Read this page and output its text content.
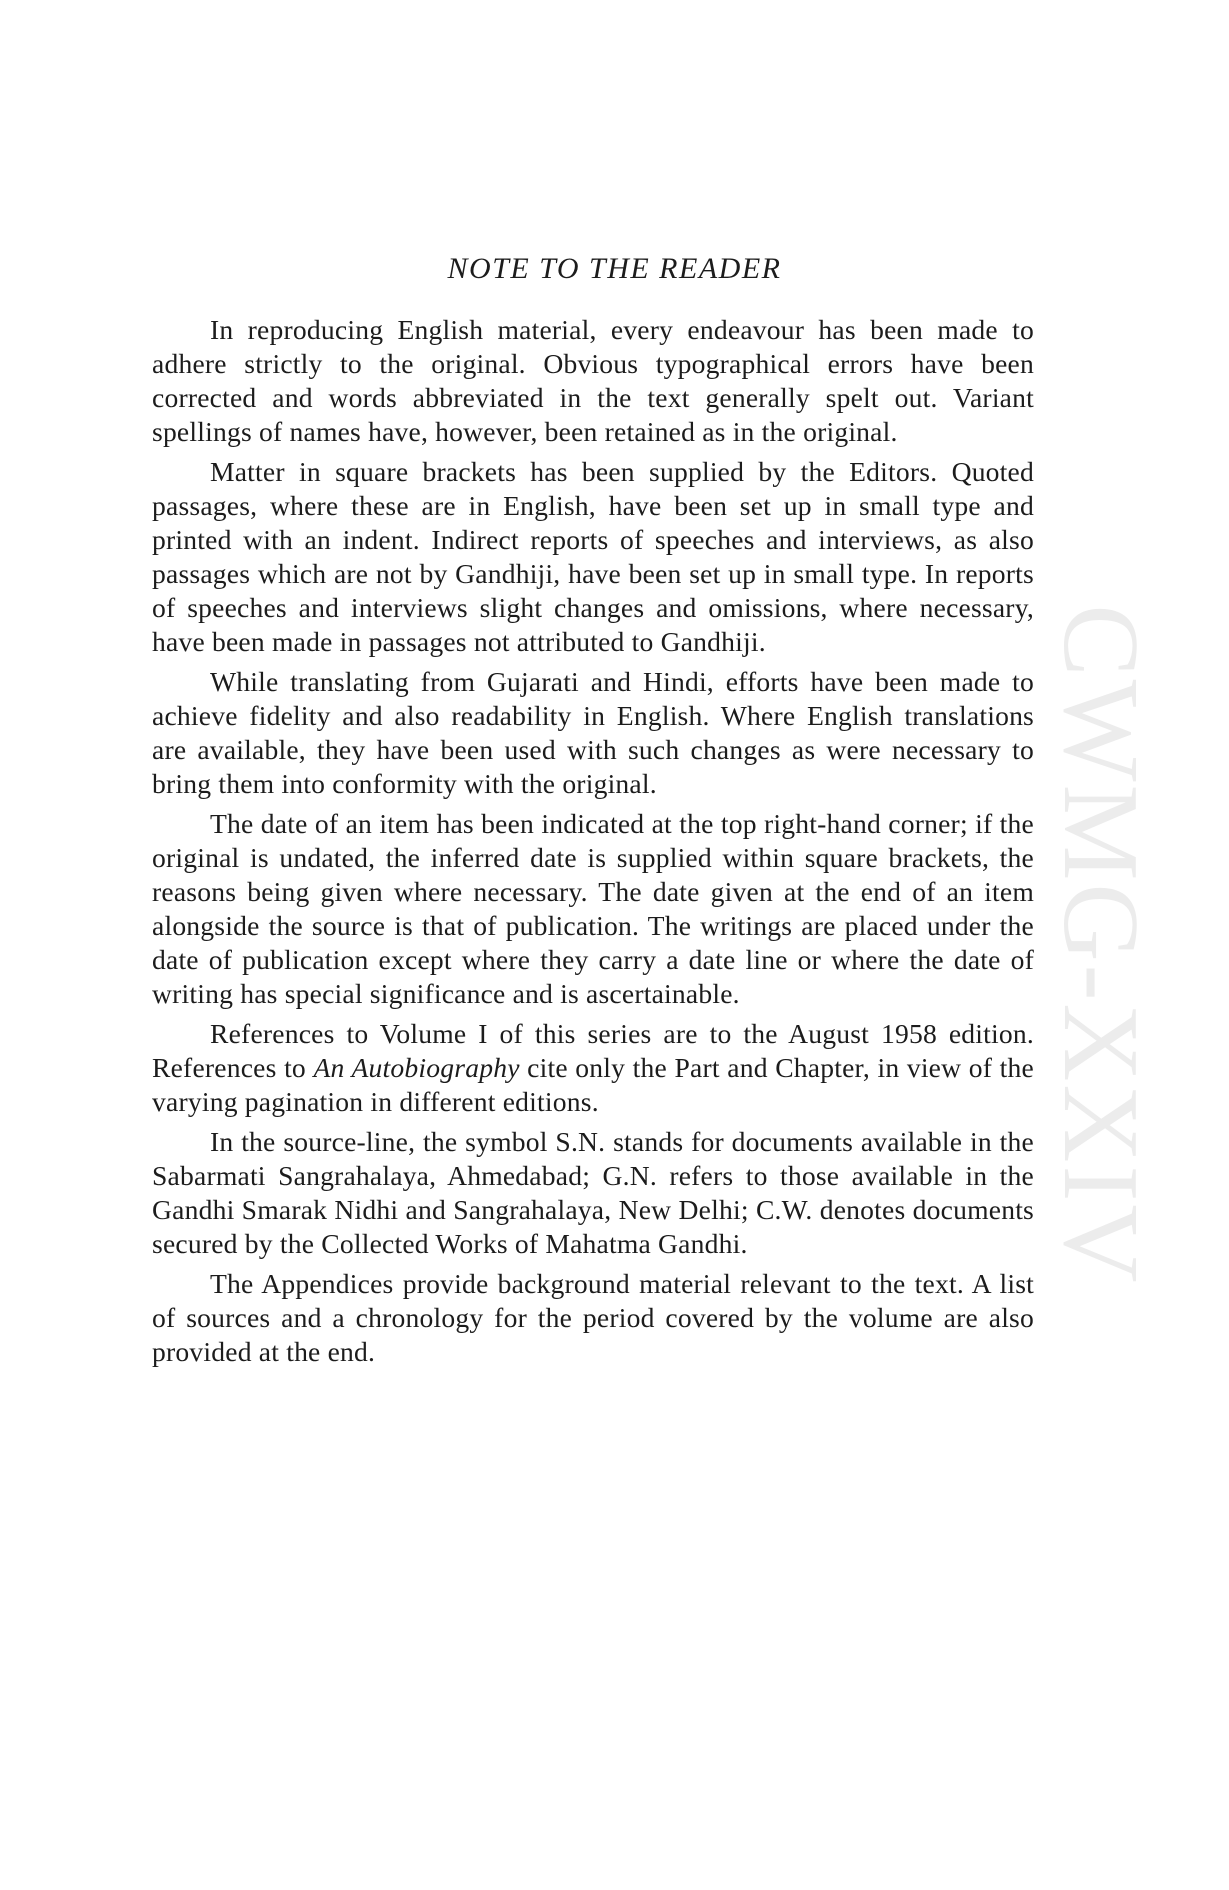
CWMG-XXIV
NOTE TO THE READER

In reproducing English material, every endeavour has been made to adhere strictly to the original. Obvious typographical errors have been corrected and words abbreviated in the text generally spelt out. Variant spellings of names have, however, been retained as in the original.

Matter in square brackets has been supplied by the Editors. Quoted passages, where these are in English, have been set up in small type and printed with an indent. Indirect reports of speeches and interviews, as also passages which are not by Gandhiji, have been set up in small type. In reports of speeches and interviews slight changes and omissions, where necessary, have been made in passages not attributed to Gandhiji.

While translating from Gujarati and Hindi, efforts have been made to achieve fidelity and also readability in English. Where English translations are available, they have been used with such changes as were necessary to bring them into conformity with the original.

The date of an item has been indicated at the top right-hand corner; if the original is undated, the inferred date is supplied within square brackets, the reasons being given where necessary. The date given at the end of an item alongside the source is that of publication. The writings are placed under the date of publication except where they carry a date line or where the date of writing has special significance and is ascertainable.

References to Volume I of this series are to the August 1958 edition. References to An Autobiography cite only the Part and Chapter, in view of the varying pagination in different editions.

In the source-line, the symbol S.N. stands for documents available in the Sabarmati Sangrahalaya, Ahmedabad; G.N. refers to those available in the Gandhi Smarak Nidhi and Sangrahalaya, New Delhi; C.W. denotes documents secured by the Collected Works of Mahatma Gandhi.

The Appendices provide background material relevant to the text. A list of sources and a chronology for the period covered by the volume are also provided at the end.
